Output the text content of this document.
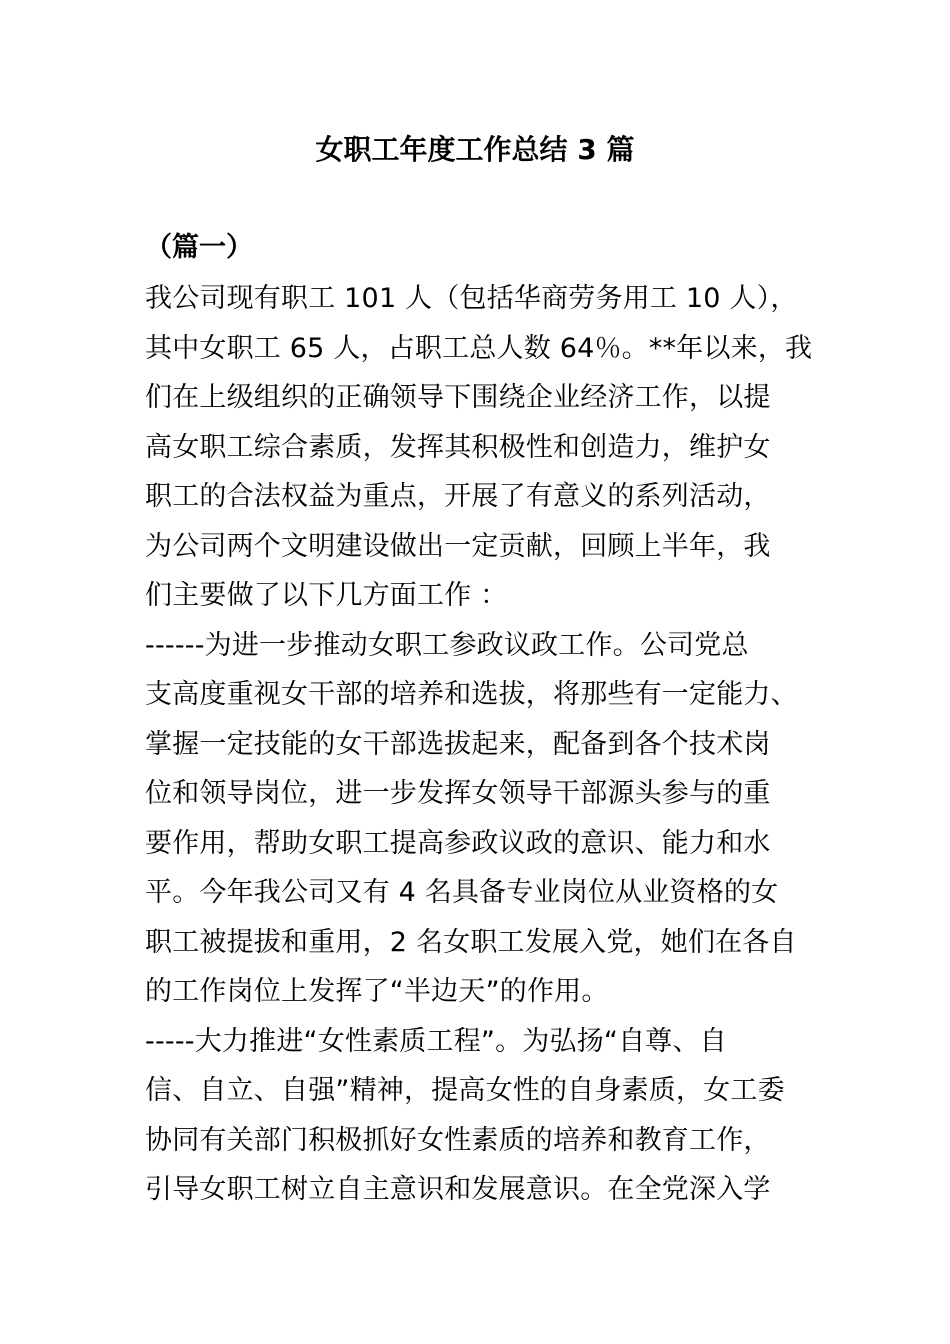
女职工年度工作总结 3 篇
（篇一）
我公司现有职工 101 人（包括华商劳务用工 10 人），
其中女职工 65 人，占职工总人数 64％。**年以来，我
们在上级组织的正确领导下围绕企业经济工作，以提
高女职工综合素质，发挥其积极性和创造力，维护女
职工的合法权益为重点，开展了有意义的系列活动，
为公司两个文明建设做出一定贡献，回顾上半年，我
们主要做了以下几方面工作 ：
------为进一步推动女职工参政议政工作。公司党总
支高度重视女干部的培养和选拔，将那些有一定能力、
掌握一定技能的女干部选拔起来，配备到各个技术岗
位和领导岗位，进一步发挥女领导干部源头参与的重
要作用，帮助女职工提高参政议政的意识、能力和水
平。今年我公司又有 4 名具备专业岗位从业资格的女
职工被提拔和重用，2 名女职工发展入党，她们在各自
的工作岗位上发挥了“半边天”的作用。
-----大力推进“女性素质工程”。为弘扬“自尊、自
信、自立、自强”精神，提高女性的自身素质，女工委
协同有关部门积极抓好女性素质的培养和教育工作，
引导女职工树立自主意识和发展意识。在全党深入学
